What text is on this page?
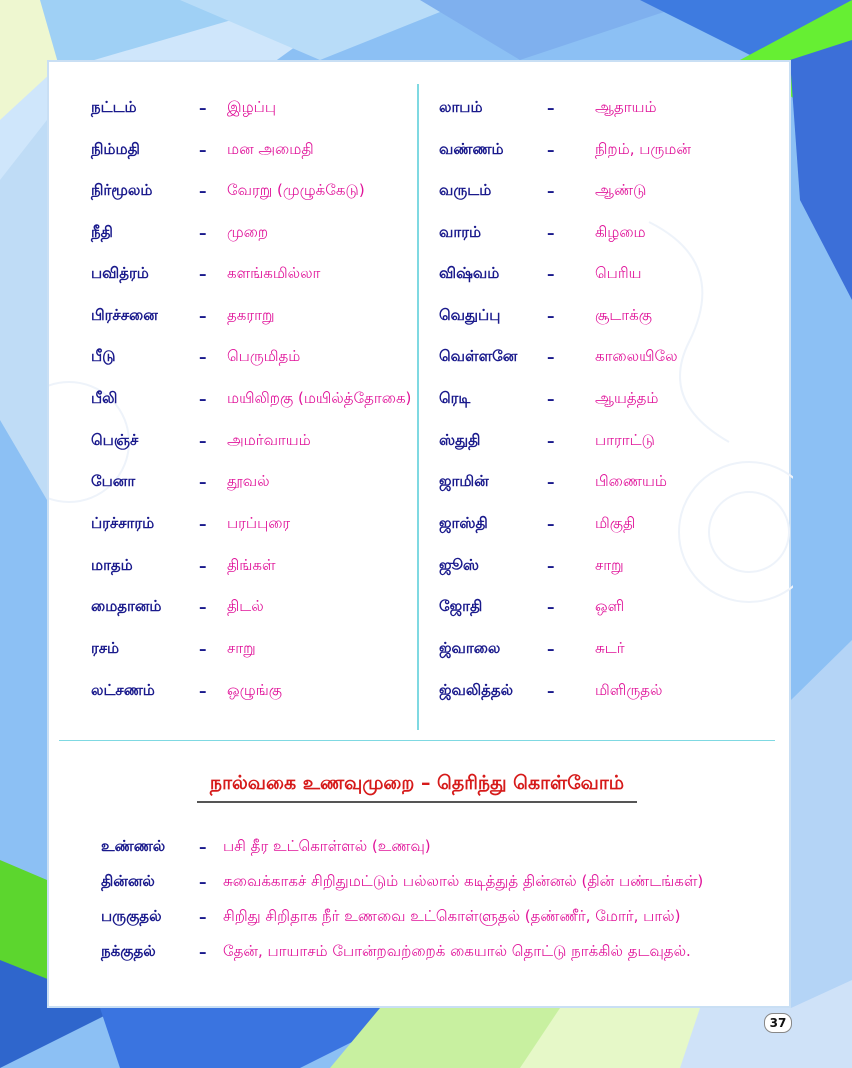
நட்டம்	–	இழப்பு
நிம்மதி	–	மன அமைதி
நிர்மூலம்	–	வேரறு (முழுக்கேடு)
நீதி	–	முறை
பவித்ரம்	–	களங்கமில்லா
பிரச்சனை	–	தகராறு
பீடு	–	பெருமிதம்
பீலி	–	மயிலிறகு (மயில்த்தோகை)
பெஞ்ச்	–	அமர்வாயம்
பேனா	–	தூவல்
ப்ரச்சாரம்	–	பரப்புரை
மாதம்	–	திங்கள்
மைதானம்	–	திடல்
ரசம்	–	சாறு
லட்சணம்	–	ஒழுங்கு
லாபம்	–	ஆதாயம்
வண்ணம்	–	நிறம், பருமன்
வருடம்	–	ஆண்டு
வாரம்	–	கிழமை
விஷ்வம்	–	பெரிய
வெதுப்பு	–	சூடாக்கு
வெள்ளனே	–	காலையிலே
ரெடி	–	ஆயத்தம்
ஸ்துதி	–	பாராட்டு
ஜாமின்	–	பிணையம்
ஜாஸ்தி	–	மிகுதி
ஜூஸ்	–	சாறு
ஜோதி	–	ஒளி
ஜ்வாலை	–	சுடர்
ஜ்வலித்தல்	–	மிளிருதல்
நால்வகை உணவுமுறை – தெரிந்து கொள்வோம்
உண்ணல்	–	பசி தீர உட்கொள்ளல் (உணவு)
தின்னல்	–	சுவைக்காகச் சிறிதுமட்டும் பல்லால் கடித்துத் தின்னல் (தின் பண்டங்கள்)
பருகுதல்	–	சிறிது சிறிதாக நீர் உணவை உட்கொள்ளுதல் (தண்ணீர், மோர், பால்)
நக்குதல்	–	தேன், பாயாசம் போன்றவற்றைக் கையால் தொட்டு நாக்கில் தடவுதல்.
37
